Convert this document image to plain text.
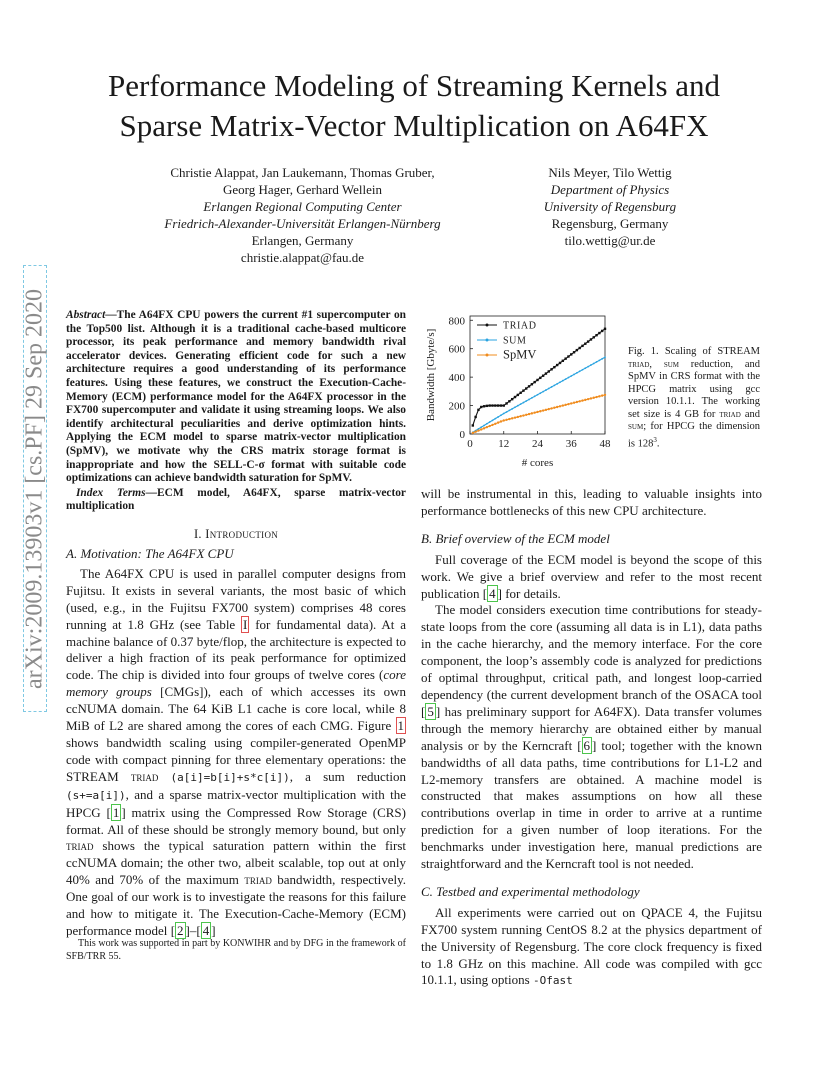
Performance Modeling of Streaming Kernels and
Sparse Matrix-Vector Multiplication on A64FX
Christie Alappat, Jan Laukemann, Thomas Gruber,
Georg Hager, Gerhard Wellein
Erlangen Regional Computing Center
Friedrich-Alexander-Universität Erlangen-Nürnberg
Erlangen, Germany
christie.alappat@fau.de
Nils Meyer, Tilo Wettig
Department of Physics
University of Regensburg
Regensburg, Germany
tilo.wettig@ur.de
arXiv:2009.13903v1 [cs.PF] 29 Sep 2020 Abstract—The A64FX CPU powers the current #1 supercomputer on the Top500 list. Although it is a traditional cache-based multicore processor, its peak performance and memory bandwidth rival accelerator devices. Generating efficient code for such a new architecture requires a good understanding of its performance features. Using these features, we construct the Execution-Cache-Memory (ECM) performance model for the A64FX processor in the FX700 supercomputer and validate it using streaming loops. We also identify architectural peculiarities and derive optimization hints. Applying the ECM model to sparse matrix-vector multiplication (SpMV), we motivate why the CRS matrix storage format is inappropriate and how the SELL-C-σ format with suitable code optimizations can achieve bandwidth saturation for SpMV.
Index Terms—ECM model, A64FX, sparse matrix-vector multiplication
I. Introduction
A. Motivation: The A64FX CPU

The A64FX CPU is used in parallel computer designs from Fujitsu. It exists in several variants, the most basic of which (used, e.g., in the Fujitsu FX700 system) comprises 48 cores running at 1.8 GHz (see Table I for fundamental data). At a machine balance of 0.37 byte/flop, the architecture is expected to deliver a high fraction of its peak performance for optimized code. The chip is divided into four groups of twelve cores (core memory groups [CMGs]), each of which accesses its own ccNUMA domain. The 64 KiB L1 cache is core local, while 8 MiB of L2 are shared among the cores of each CMG. Figure 1 shows bandwidth scaling using compiler-generated OpenMP code with compact pinning for three elementary operations: the STREAM triad (a[i]=b[i]+s*c[i]), a sum reduction (s+=a[i]), and a sparse matrix-vector multiplication with the HPCG [ 1 ] matrix using the Compressed Row Storage (CRS) format. All of these should be strongly memory bound, but only triad shows the typical saturation pattern within the first ccNUMA domain; the other two, albeit scalable, top out at only 40% and 70% of the maximum triad bandwidth, respectively. One goal of our work is to investigate the reasons for this failure and how to mitigate it. The Execution-Cache-Memory (ECM) performance model [ 2 ]–[ 4 ]

This work was supported in part by KONWIHR and by DFG in the framework of SFB/TRR 55.
0
200
400
600
800
0 12 24 36 48
# cores
Bandwidth [Gbyte/s]
TRIAD
SUM
SpMV	Fig. 1. Scaling of STREAM triad, sum reduction, and SpMV in CRS format with the HPCG matrix using gcc version 10.1.1. The working set size is 4 GB for triad and sum; for HPCG the dimension is $128^3$.
will be instrumental in this, leading to valuable insights into performance bottlenecks of this new CPU architecture.
B. Brief overview of the ECM model

Full coverage of the ECM model is beyond the scope of this work. We give a brief overview and refer to the most recent publication [ 4 ] for details.

The model considers execution time contributions for steady-state loops from the core (assuming all data is in L1), data paths in the cache hierarchy, and the memory interface. For the core component, the loop’s assembly code is analyzed for predictions of optimal throughput, critical path, and longest loop-carried dependency (the current development branch of the OSACA tool [ 5 ] has preliminary support for A64FX). Data transfer volumes through the memory hierarchy are obtained either by manual analysis or by the Kerncraft [ 6 ] tool; together with the known bandwidths of all data paths, time contributions for L1-L2 and L2-memory transfers are obtained. A machine model is constructed that makes assumptions on how all these contributions overlap in time in order to arrive at a runtime prediction for a given number of loop iterations. For the benchmarks under investigation here, manual predictions are straightforward and the Kerncraft tool is not needed.

C. Testbed and experimental methodology

All experiments were carried out on QPACE 4, the Fujitsu FX700 system running CentOS 8.2 at the physics department of the University of Regensburg. The core clock frequency is fixed to 1.8 GHz on this machine. All code was compiled with gcc 10.1.1, using options -Ofast
